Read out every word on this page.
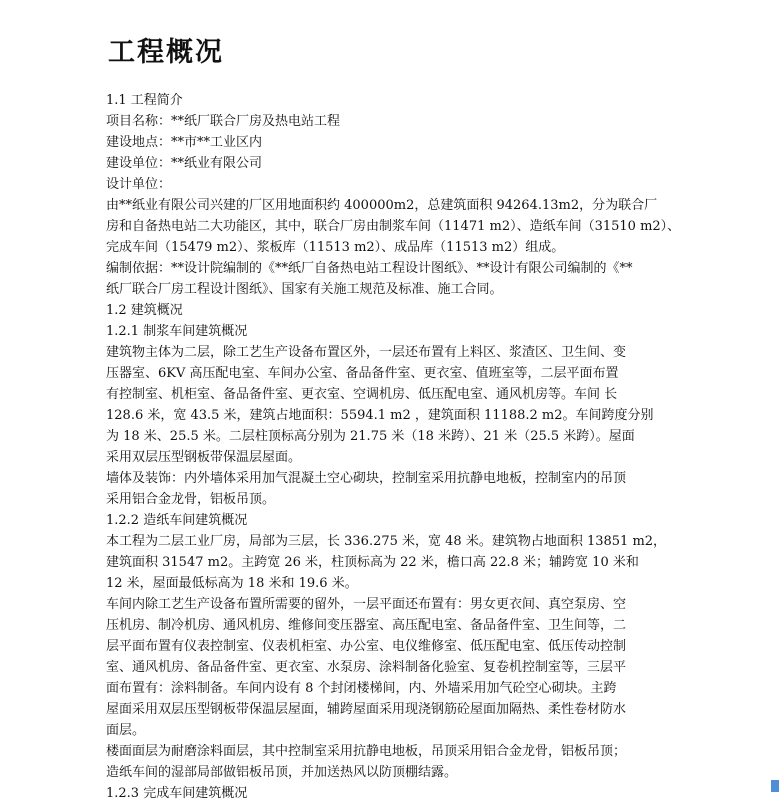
工程概况
1.1 工程简介
项目名称：**纸厂联合厂房及热电站工程
建设地点：**市**工业区内
建设单位：**纸业有限公司
设计单位：
由**纸业有限公司兴建的厂区用地面积约 400000m2，总建筑面积 94264.13m2，分为联合厂
房和自备热电站二大功能区，其中，联合厂房由制浆车间（11471 m2）、造纸车间（31510 m2）、
完成车间（15479 m2）、浆板库（11513 m2）、成品库（11513 m2）组成。
编制依据：**设计院编制的《**纸厂自备热电站工程设计图纸》、**设计有限公司编制的《**
纸厂联合厂房工程设计图纸》、国家有关施工规范及标准、施工合同。
1.2 建筑概况
1.2.1 制浆车间建筑概况
建筑物主体为二层，除工艺生产设备布置区外，一层还布置有上料区、浆渣区、卫生间、变
压器室、6KV 高压配电室、车间办公室、备品备件室、更衣室、值班室等，二层平面布置
有控制室、机柜室、备品备件室、更衣室、空调机房、低压配电室、通风机房等。车间 长
128.6 米，宽 43.5 米，建筑占地面积：5594.1 m2 ，建筑面积 11188.2 m2。车间跨度分别
为 18 米、25.5 米。二层柱顶标高分别为 21.75 米（18 米跨）、21 米（25.5 米跨）。屋面
采用双层压型钢板带保温层屋面。
墙体及装饰：内外墙体采用加气混凝土空心砌块，控制室采用抗静电地板，控制室内的吊顶
采用铝合金龙骨，铝板吊顶。
1.2.2 造纸车间建筑概况
本工程为二层工业厂房，局部为三层，长 336.275 米，宽 48 米。建筑物占地面积 13851 m2，
建筑面积 31547 m2。主跨宽 26 米，柱顶标高为 22 米，檐口高 22.8 米；辅跨宽 10 米和
12 米，屋面最低标高为 18 米和 19.6 米。
车间内除工艺生产设备布置所需要的留外，一层平面还布置有：男女更衣间、真空泵房、空
压机房、制冷机房、通风机房、维修间变压器室、高压配电室、备品备件室、卫生间等，二
层平面布置有仪表控制室、仪表机柜室、办公室、电仪维修室、低压配电室、低压传动控制
室、通风机房、备品备件室、更衣室、水泵房、涂料制备化验室、复卷机控制室等，三层平
面布置有：涂料制备。车间内设有 8 个封闭楼梯间，内、外墙采用加气砼空心砌块。主跨
屋面采用双层压型钢板带保温层屋面，辅跨屋面采用现浇钢筋砼屋面加隔热、柔性卷材防水
面层。
楼面面层为耐磨涂料面层，其中控制室采用抗静电地板，吊顶采用铝合金龙骨，铝板吊顶；
造纸车间的湿部局部做铝板吊顶，并加送热风以防顶棚结露。
1.2.3 完成车间建筑概况
